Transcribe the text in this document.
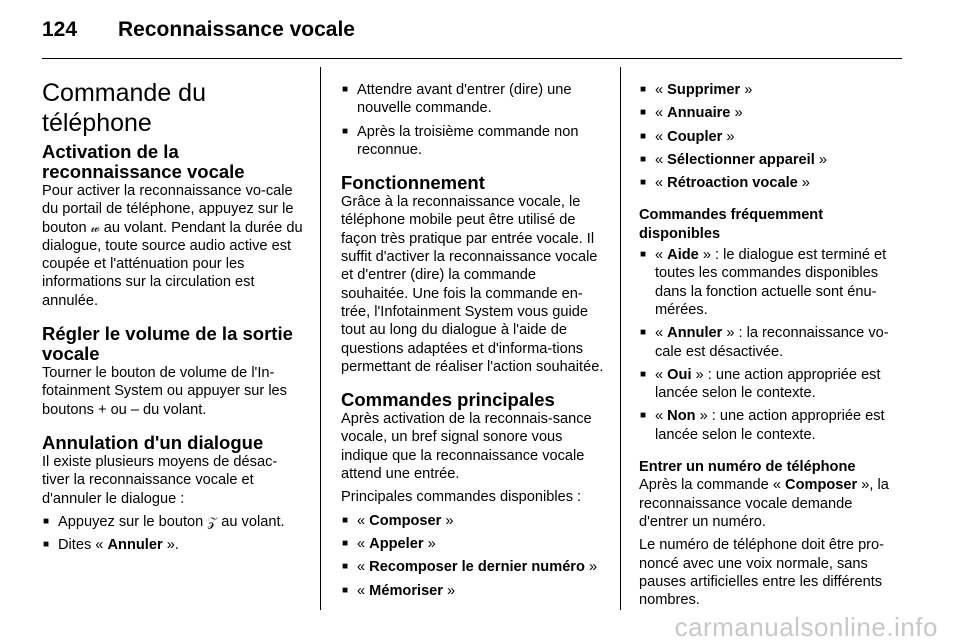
124 Reconnaissance vocale
Commande du téléphone
Activation de la reconnaissance vocale

Pour activer la reconnaissance vo-cale du portail de téléphone, appuyez sur le bouton 𝓌 au volant. Pendant la durée du dialogue, toute source audio active est coupée et l'atténuation pour les informations sur la circulation est annulée.

Régler le volume de la sortie vocale

Tourner le bouton de volume de l'In-fotainment System ou appuyer sur les boutons + ou – du volant.

Annulation d'un dialogue

Il existe plusieurs moyens de désac-tiver la reconnaissance vocale et d'annuler le dialogue :

■ Appuyez sur le bouton 𝒵 au volant.
■ Dites « Annuler ».
■ Attendre avant d'entrer (dire) une nouvelle commande.
■ Après la troisième commande non reconnue.
Fonctionnement

Grâce à la reconnaissance vocale, le téléphone mobile peut être utilisé de façon très pratique par entrée vocale. Il suffit d'activer la reconnaissance vocale et d'entrer (dire) la commande souhaitée. Une fois la commande en-trée, l'Infotainment System vous guide tout au long du dialogue à l'aide de questions adaptées et d'informa-tions permettant de réaliser l'action souhaitée.

Commandes principales

Après activation de la reconnais-sance vocale, un bref signal sonore vous indique que la reconnaissance vocale attend une entrée.

Principales commandes disponibles :

■ « Composer »
■ « Appeler »
■ « Recomposer le dernier numéro »
■ « Mémoriser »
■ « Supprimer »
■ « Annuaire »
■ « Coupler »
■ « Sélectionner appareil »
■ « Rétroaction vocale »
Commandes fréquemment disponibles
■ « Aide » : le dialogue est terminé et toutes les commandes disponibles dans la fonction actuelle sont énu-mérées.
■ « Annuler » : la reconnaissance vo-cale est désactivée.
■ « Oui » : une action appropriée est lancée selon le contexte.
■ « Non » : une action appropriée est lancée selon le contexte.
Entrer un numéro de téléphone

Après la commande « Composer », la reconnaissance vocale demande d'entrer un numéro.

Le numéro de téléphone doit être pro-noncé avec une voix normale, sans pauses artificielles entre les différents nombres.

carmanualsonline.info
